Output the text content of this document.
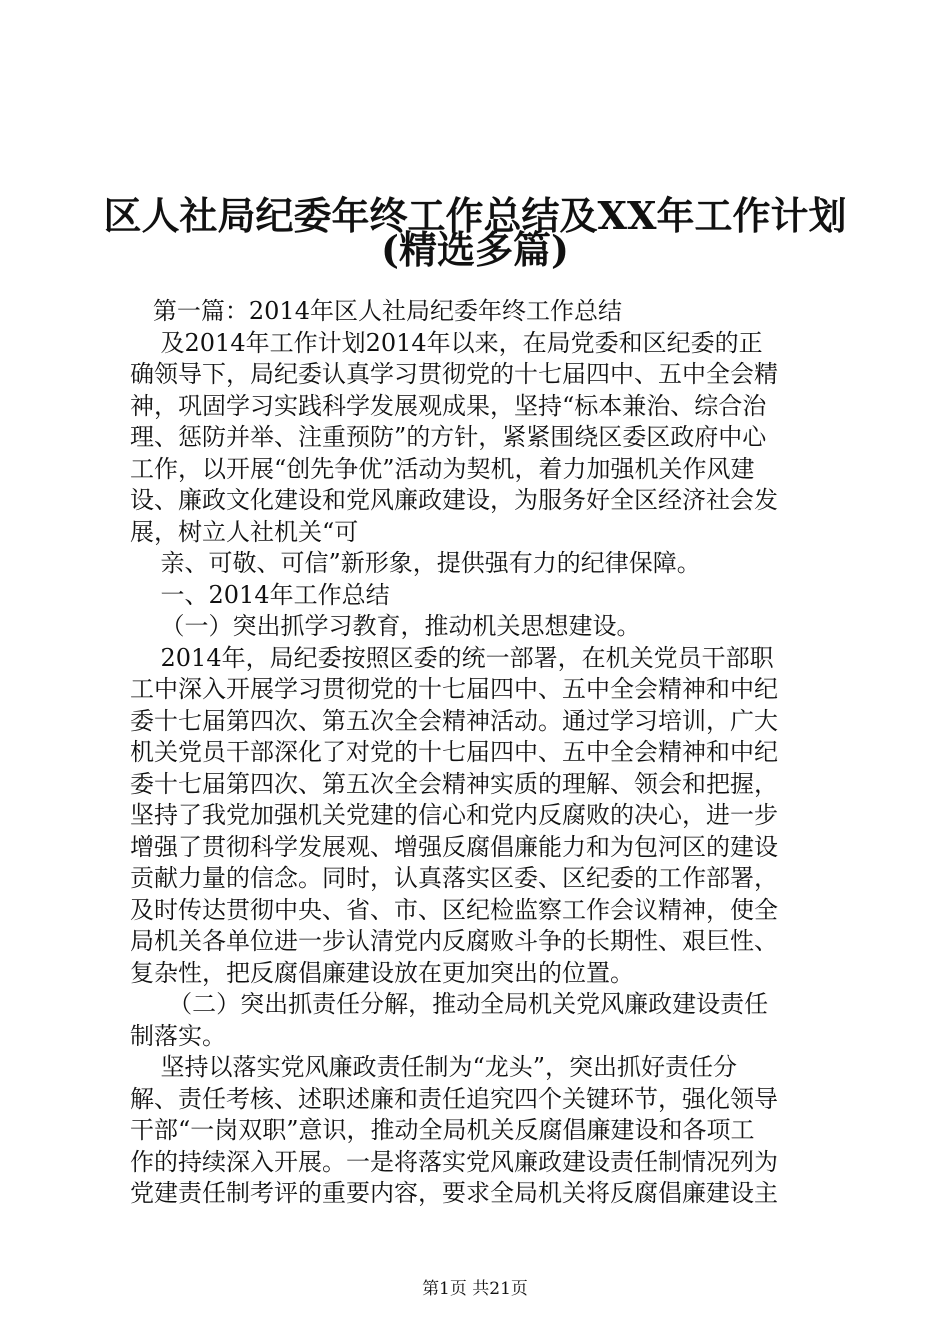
区人社局纪委年终工作总结及XX年工作计划
(精选多篇)

第一篇：2014年区人社局纪委年终工作总结

及2014年工作计划2014年以来，在局党委和区纪委的正

确领导下，局纪委认真学习贯彻党的十七届四中、五中全会精

神，巩固学习实践科学发展观成果，坚持“标本兼治、综合治

理、惩防并举、注重预防”的方针，紧紧围绕区委区政府中心

工作，以开展“创先争优”活动为契机，着力加强机关作风建

设、廉政文化建设和党风廉政建设，为服务好全区经济社会发

展，树立人社机关“可

亲、可敬、可信”新形象，提供强有力的纪律保障。

一、2014年工作总结

（一）突出抓学习教育，推动机关思想建设。

2014年，局纪委按照区委的统一部署，在机关党员干部职

工中深入开展学习贯彻党的十七届四中、五中全会精神和中纪

委十七届第四次、第五次全会精神活动。通过学习培训，广大

机关党员干部深化了对党的十七届四中、五中全会精神和中纪

委十七届第四次、第五次全会精神实质的理解、领会和把握，

坚持了我党加强机关党建的信心和党内反腐败的决心，进一步

增强了贯彻科学发展观、增强反腐倡廉能力和为包河区的建设

贡献力量的信念。同时，认真落实区委、区纪委的工作部署，

及时传达贯彻中央、省、市、区纪检监察工作会议精神，使全

局机关各单位进一步认清党内反腐败斗争的长期性、艰巨性、

复杂性，把反腐倡廉建设放在更加突出的位置。

（二）突出抓责任分解，推动全局机关党风廉政建设责任

制落实。

坚持以落实党风廉政责任制为“龙头”，突出抓好责任分

解、责任考核、述职述廉和责任追究四个关键环节，强化领导

干部“一岗双职”意识，推动全局机关反腐倡廉建设和各项工

作的持续深入开展。一是将落实党风廉政建设责任制情况列为

党建责任制考评的重要内容，要求全局机关将反腐倡廉建设主

第1页 共21页
